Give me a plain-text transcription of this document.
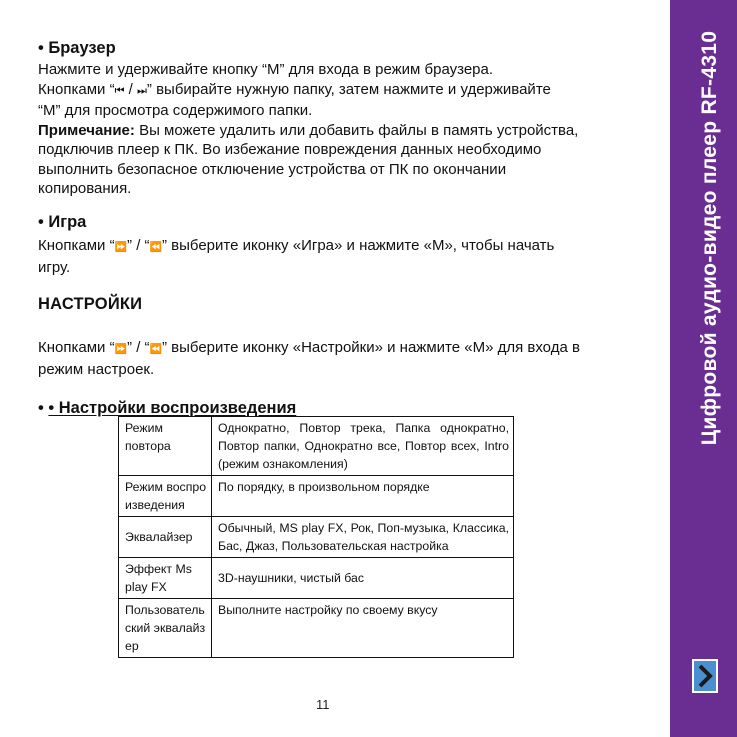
• Браузер

Нажмите и удерживайте кнопку “M” для входа в режим браузера.

Кнопками “⏮ / ⏭” выбирайте нужную папку, затем нажмите и удерживайте

“M” для просмотра содержимого папки.

Примечание: Вы можете удалить или добавить файлы в память устройства,

подключив плеер к ПК. Во избежание повреждения данных необходимо

выполнить безопасное отключение устройства от ПК по окончании

копирования.

• Игра

Кнопками “⏩” / “⏪” выберите иконку «Игра» и нажмите «M», чтобы начать

игру.

НАСТРОЙКИ

Кнопками “⏩” / “⏪” выберите иконку «Настройки» и нажмите «M» для входа в

режим настроек.

• • Настройки воспроизведения

Режим повтора	Однократно, Повтор трека, Папка однократно, Повтор папки, Однократно все, Повтор всех, Intro (режим ознакомления)
Режим воспроизведения	По порядку, в произвольном порядке
Эквалайзер	Обычный, MS play FX, Рок, Поп-музыка, Классика, Бас, Джаз, Пользовательская настройка
Эффект Ms play FX	3D-наушники, чистый бас
Пользовательский эквалайзер	Выполните настройку по своему вкусу
Цифровой аудио-видео плеер RF-4310
11
